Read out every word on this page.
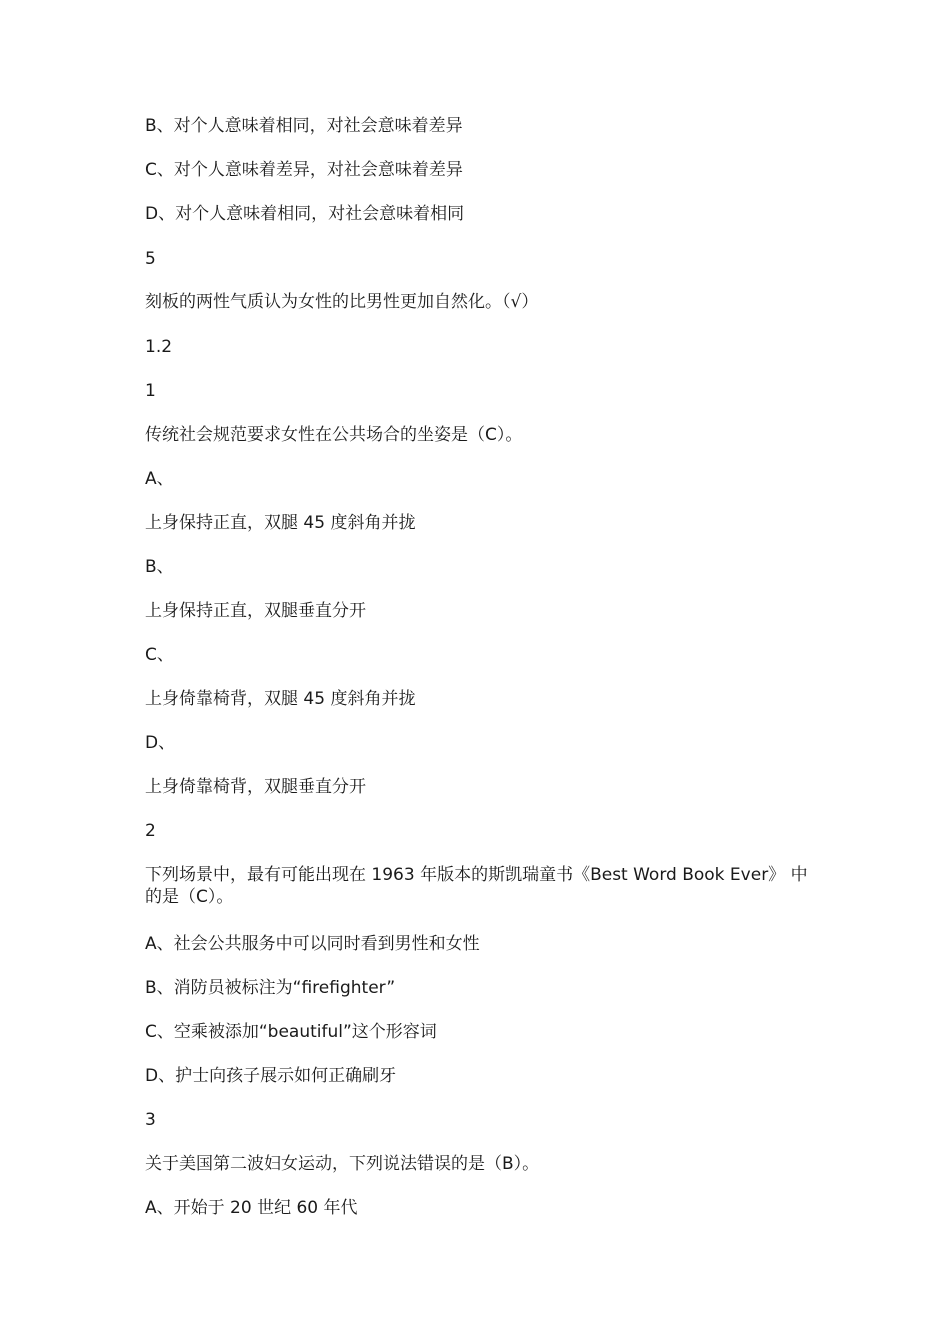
B、对个人意味着相同，对社会意味着差异
C、对个人意味着差异，对社会意味着差异
D、对个人意味着相同，对社会意味着相同
5
刻板的两性气质认为女性的比男性更加自然化。（√）
1.2
1
传统社会规范要求女性在公共场合的坐姿是（C）。
A、
上身保持正直，双腿 45 度斜角并拢
B、
上身保持正直，双腿垂直分开
C、
上身倚靠椅背，双腿 45 度斜角并拢
D、
上身倚靠椅背，双腿垂直分开
2
下列场景中，最有可能出现在 1963 年版本的斯凯瑞童书《Best Word Book Ever》 中的是（C）。
A、社会公共服务中可以同时看到男性和女性
B、消防员被标注为“firefighter”
C、空乘被添加“beautiful”这个形容词
D、护士向孩子展示如何正确刷牙
3
关于美国第二波妇女运动，下列说法错误的是（B）。
A、开始于 20 世纪 60 年代
